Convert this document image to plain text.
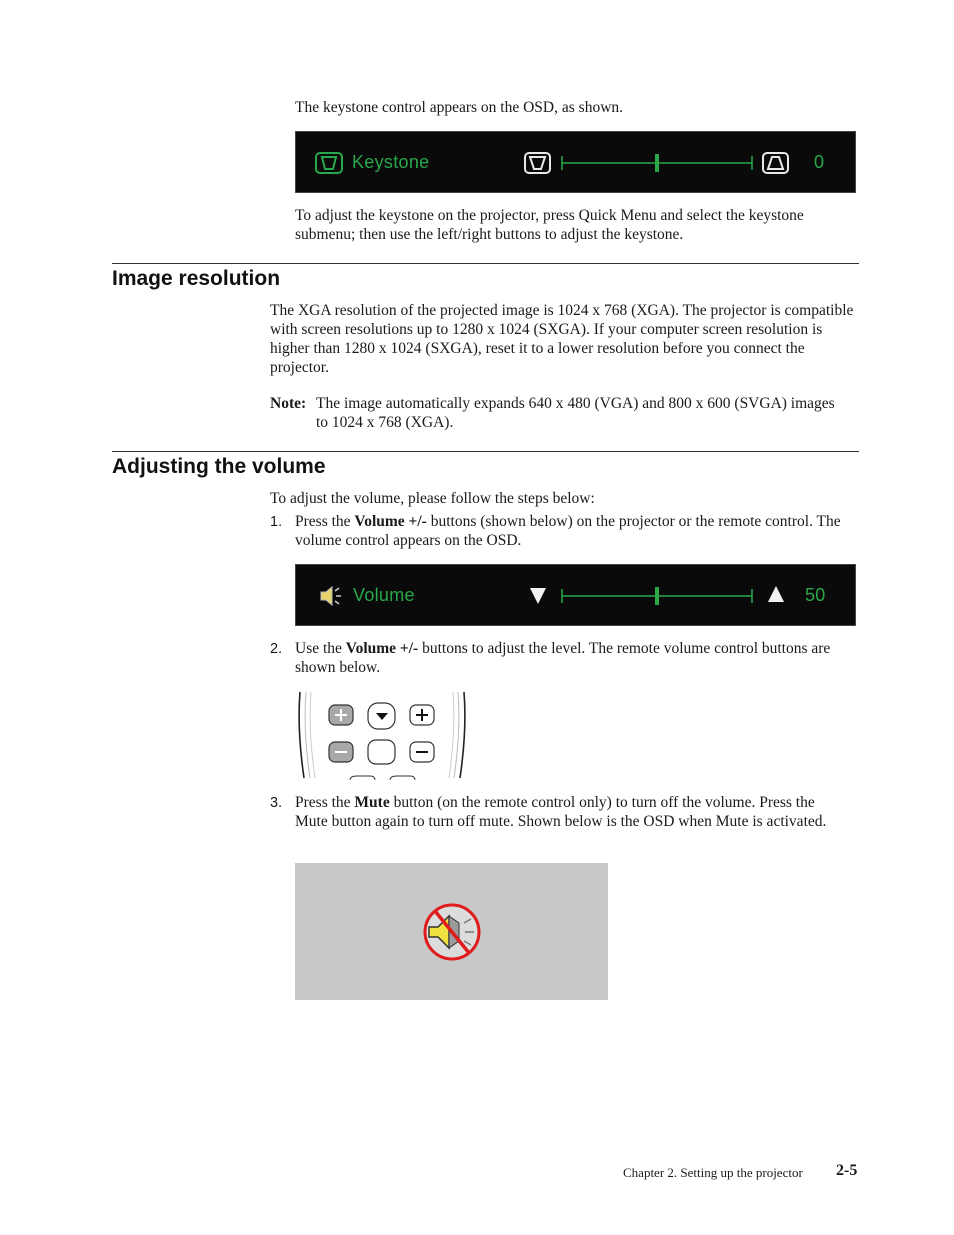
The keystone control appears on the OSD, as shown.
Keystone	0
To adjust the keystone on the projector, press Quick Menu and select the keystone submenu; then use the left/right buttons to adjust the keystone.
Image resolution
The XGA resolution of the projected image is 1024 x 768 (XGA). The projector is compatible with screen resolutions up to 1280 x 1024 (SXGA). If your computer screen resolution is higher than 1280 x 1024 (SXGA), reset it to a lower resolution before you connect the projector.
Note: The image automatically expands 640 x 480 (VGA) and 800 x 600 (SVGA) images to 1024 x 768 (XGA).
Adjusting the volume
To adjust the volume, please follow the steps below:
1. Press the Volume +/- buttons (shown below) on the projector or the remote control. The volume control appears on the OSD.
Volume	50
2. Use the Volume +/- buttons to adjust the level. The remote volume control buttons are shown below.
3. Press the Mute button (on the remote control only) to turn off the volume. Press the Mute button again to turn off mute. Shown below is the OSD when Mute is activated.
Chapter 2. Setting up the projector 2-5
